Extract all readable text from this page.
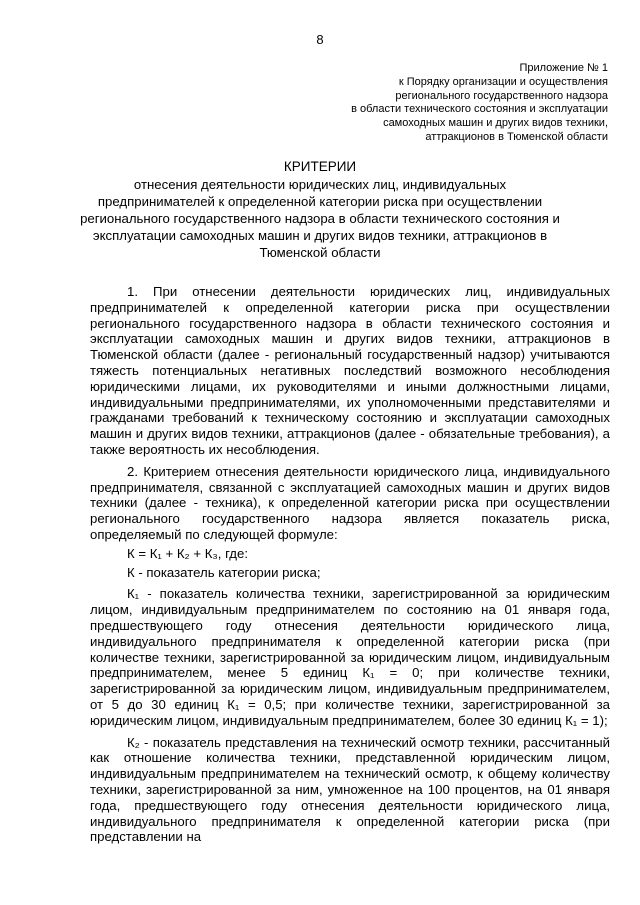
8
Приложение № 1
к Порядку организации и осуществления
регионального государственного надзора
в области технического состояния и эксплуатации
самоходных машин и других видов техники,
аттракционов в Тюменской области
КРИТЕРИИ
отнесения деятельности юридических лиц, индивидуальных предпринимателей к определенной категории риска при осуществлении регионального государственного надзора в области технического состояния и эксплуатации самоходных машин и других видов техники, аттракционов в Тюменской области

1. При отнесении деятельности юридических лиц, индивидуальных предпринимателей к определенной категории риска при осуществлении регионального государственного надзора в области технического состояния и эксплуатации самоходных машин и других видов техники, аттракционов в Тюменской области (далее - региональный государственный надзор) учитываются тяжесть потенциальных негативных последствий возможного несоблюдения юридическими лицами, их руководителями и иными должностными лицами, индивидуальными предпринимателями, их уполномоченными представителями и гражданами требований к техническому состоянию и эксплуатации самоходных машин и других видов техники, аттракционов (далее - обязательные требования), а также вероятность их несоблюдения.

2. Критерием отнесения деятельности юридического лица, индивидуального предпринимателя, связанной с эксплуатацией самоходных машин и других видов техники (далее - техника), к определенной категории риска при осуществлении регионального государственного надзора является показатель риска, определяемый по следующей формуле:

К = К₁ + К₂ + К₃, где:

К - показатель категории риска;

К₁ - показатель количества техники, зарегистрированной за юридическим лицом, индивидуальным предпринимателем по состоянию на 01 января года, предшествующего году отнесения деятельности юридического лица, индивидуального предпринимателя к определенной категории риска (при количестве техники, зарегистрированной за юридическим лицом, индивидуальным предпринимателем, менее 5 единиц К₁ = 0; при количестве техники, зарегистрированной за юридическим лицом, индивидуальным предпринимателем, от 5 до 30 единиц К₁ = 0,5; при количестве техники, зарегистрированной за юридическим лицом, индивидуальным предпринимателем, более 30 единиц К₁ = 1);

К₂ - показатель представления на технический осмотр техники, рассчитанный как отношение количества техники, представленной юридическим лицом, индивидуальным предпринимателем на технический осмотр, к общему количеству техники, зарегистрированной за ним, умноженное на 100 процентов, на 01 января года, предшествующего году отнесения деятельности юридического лица, индивидуального предпринимателя к определенной категории риска (при представлении на
